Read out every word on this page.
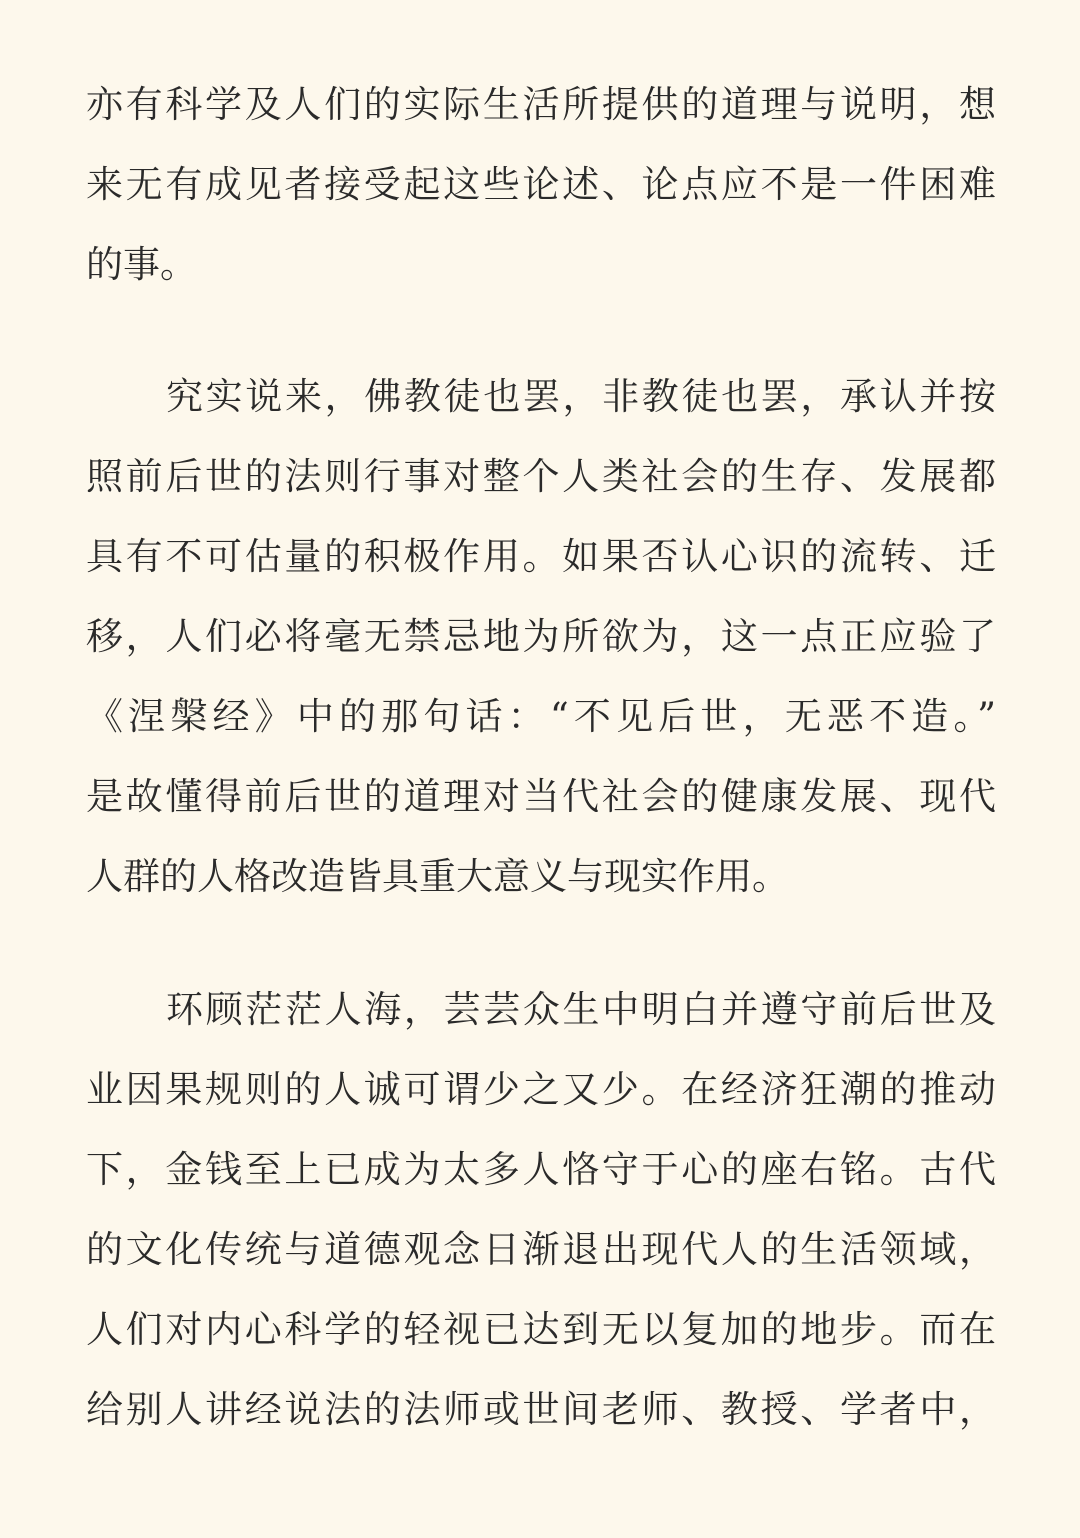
亦有科学及人们的实际生活所提供的道理与说明，想
来无有成见者接受起这些论述、论点应不是一件困难
的事。
究实说来，佛教徒也罢，非教徒也罢，承认并按
照前后世的法则行事对整个人类社会的生存、发展都
具有不可估量的积极作用。如果否认心识的流转、迁
移，人们必将毫无禁忌地为所欲为，这一点正应验了
《涅槃经》中的那句话：“不见后世，无恶不造。”
是故懂得前后世的道理对当代社会的健康发展、现代
人群的人格改造皆具重大意义与现实作用。
环顾茫茫人海，芸芸众生中明白并遵守前后世及
业因果规则的人诚可谓少之又少。在经济狂潮的推动
下，金钱至上已成为太多人恪守于心的座右铭。古代
的文化传统与道德观念日渐退出现代人的生活领域，
人们对内心科学的轻视已达到无以复加的地步。而在
给别人讲经说法的法师或世间老师、教授、学者中，
